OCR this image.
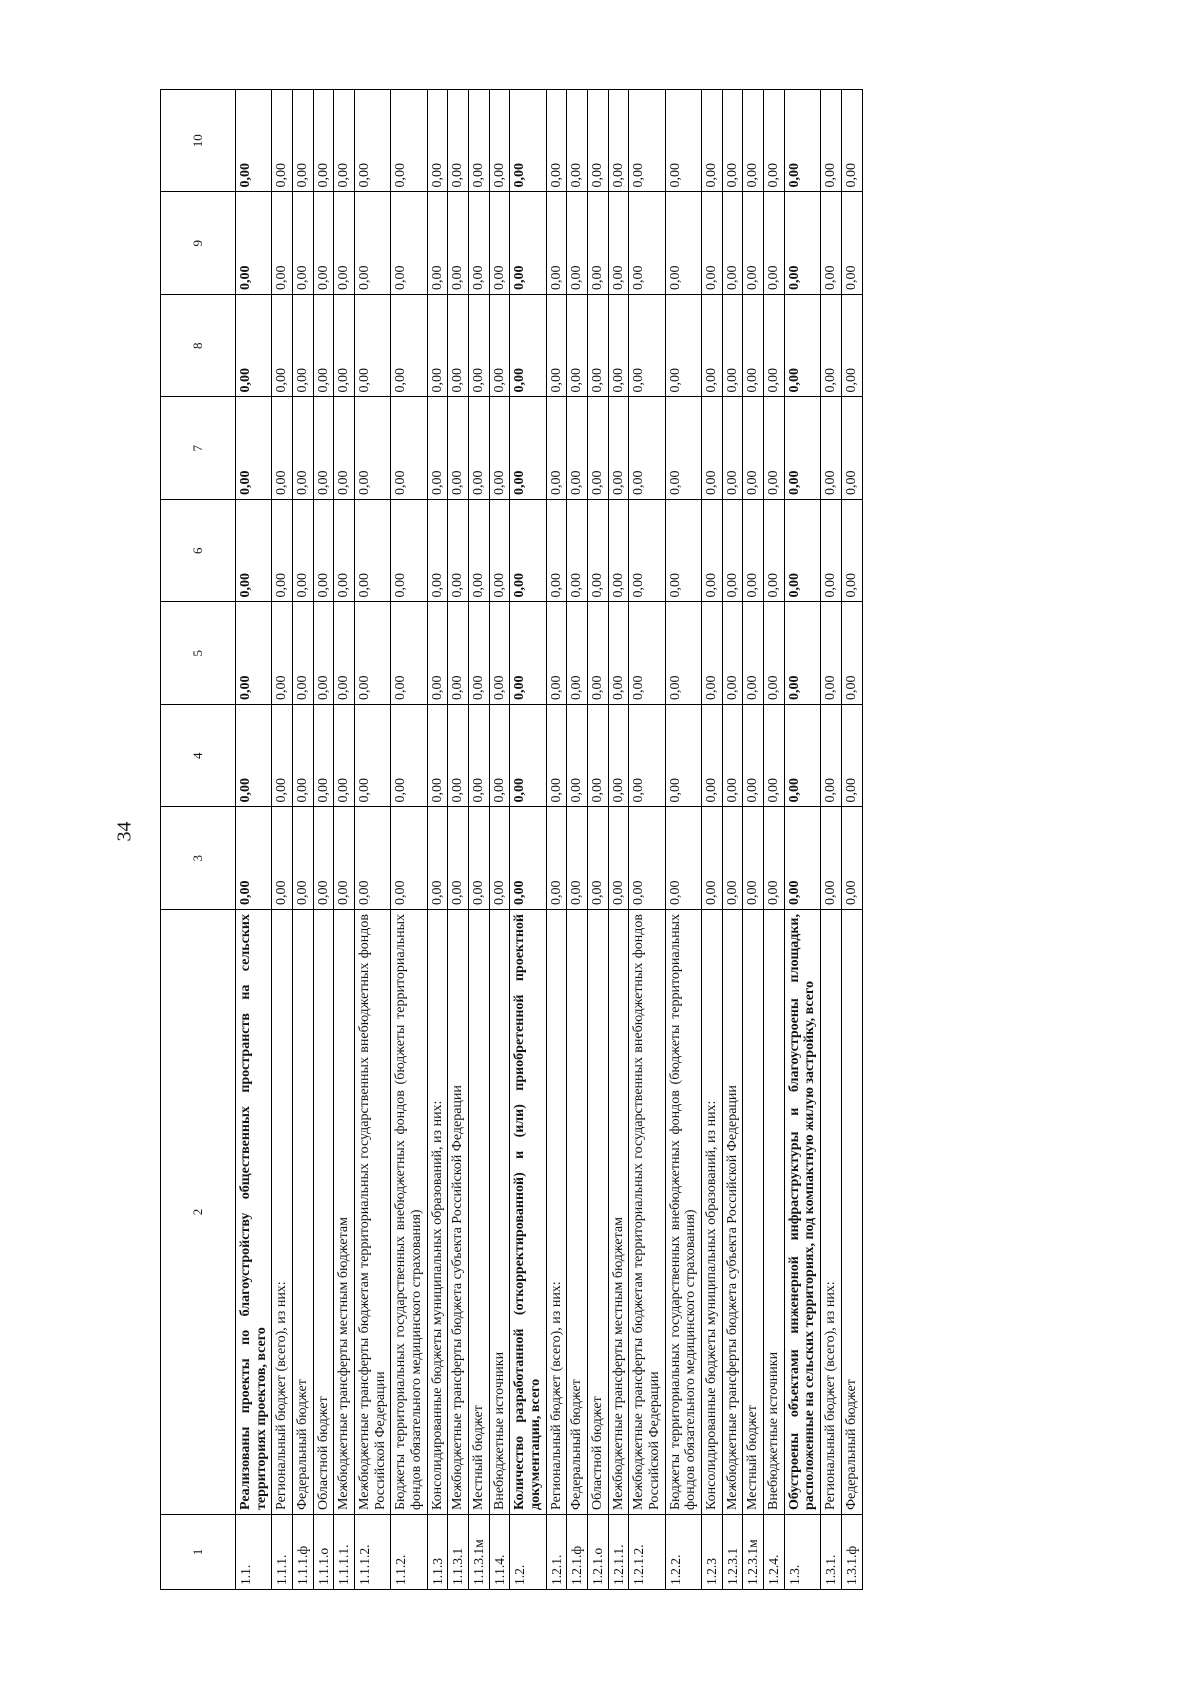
34
1	2	3	4	5	6	7	8	9	10
1.1.	Реализованы проекты по благоустройству общественных пространств на сельских территориях проектов, всего	0,00	0,00	0,00	0,00	0,00	0,00	0,00	0,00
1.1.1.	Региональный бюджет (всего), из них:	0,00	0,00	0,00	0,00	0,00	0,00	0,00	0,00
1.1.1.ф	Федеральный бюджет	0,00	0,00	0,00	0,00	0,00	0,00	0,00	0,00
1.1.1.о	Областной бюджет	0,00	0,00	0,00	0,00	0,00	0,00	0,00	0,00
1.1.1.1.	Межбюджетные трансферты местным бюджетам	0,00	0,00	0,00	0,00	0,00	0,00	0,00	0,00
1.1.1.2.	Межбюджетные трансферты бюджетам территориальных государственных внебюджетных фондов Российской Федерации	0,00	0,00	0,00	0,00	0,00	0,00	0,00	0,00
1.1.2.	Бюджеты территориальных государственных внебюджетных фондов (бюджеты территориальных фондов обязательного медицинского страхования)	0,00	0,00	0,00	0,00	0,00	0,00	0,00	0,00
1.1.3	Консолидированные бюджеты муниципальных образований, из них:	0,00	0,00	0,00	0,00	0,00	0,00	0,00	0,00
1.1.3.1	Межбюджетные трансферты бюджета субъекта Российской Федерации	0,00	0,00	0,00	0,00	0,00	0,00	0,00	0,00
1.1.3.1м	Местный бюджет	0,00	0,00	0,00	0,00	0,00	0,00	0,00	0,00
1.1.4.	Внебюджетные источники	0,00	0,00	0,00	0,00	0,00	0,00	0,00	0,00
1.2.	Количество разработанной (откорректированной) и (или) приобретенной проектной документации, всего	0,00	0,00	0,00	0,00	0,00	0,00	0,00	0,00
1.2.1.	Региональный бюджет (всего), из них:	0,00	0,00	0,00	0,00	0,00	0,00	0,00	0,00
1.2.1.ф	Федеральный бюджет	0,00	0,00	0,00	0,00	0,00	0,00	0,00	0,00
1.2.1.о	Областной бюджет	0,00	0,00	0,00	0,00	0,00	0,00	0,00	0,00
1.2.1.1.	Межбюджетные трансферты местным бюджетам	0,00	0,00	0,00	0,00	0,00	0,00	0,00	0,00
1.2.1.2.	Межбюджетные трансферты бюджетам территориальных государственных внебюджетных фондов Российской Федерации	0,00	0,00	0,00	0,00	0,00	0,00	0,00	0,00
1.2.2.	Бюджеты территориальных государственных внебюджетных фондов (бюджеты территориальных фондов обязательного медицинского страхования)	0,00	0,00	0,00	0,00	0,00	0,00	0,00	0,00
1.2.3	Консолидированные бюджеты муниципальных образований, из них:	0,00	0,00	0,00	0,00	0,00	0,00	0,00	0,00
1.2.3.1	Межбюджетные трансферты бюджета субъекта Российской Федерации	0,00	0,00	0,00	0,00	0,00	0,00	0,00	0,00
1.2.3.1м	Местный бюджет	0,00	0,00	0,00	0,00	0,00	0,00	0,00	0,00
1.2.4.	Внебюджетные источники	0,00	0,00	0,00	0,00	0,00	0,00	0,00	0,00
1.3.	Обустроены объектами инженерной инфраструктуры и благоустроены площадки, расположенные на сельских территориях, под компактную жилую застройку, всего	0,00	0,00	0,00	0,00	0,00	0,00	0,00	0,00
1.3.1.	Региональный бюджет (всего), из них:	0,00	0,00	0,00	0,00	0,00	0,00	0,00	0,00
1.3.1.ф	Федеральный бюджет	0,00	0,00	0,00	0,00	0,00	0,00	0,00	0,00
